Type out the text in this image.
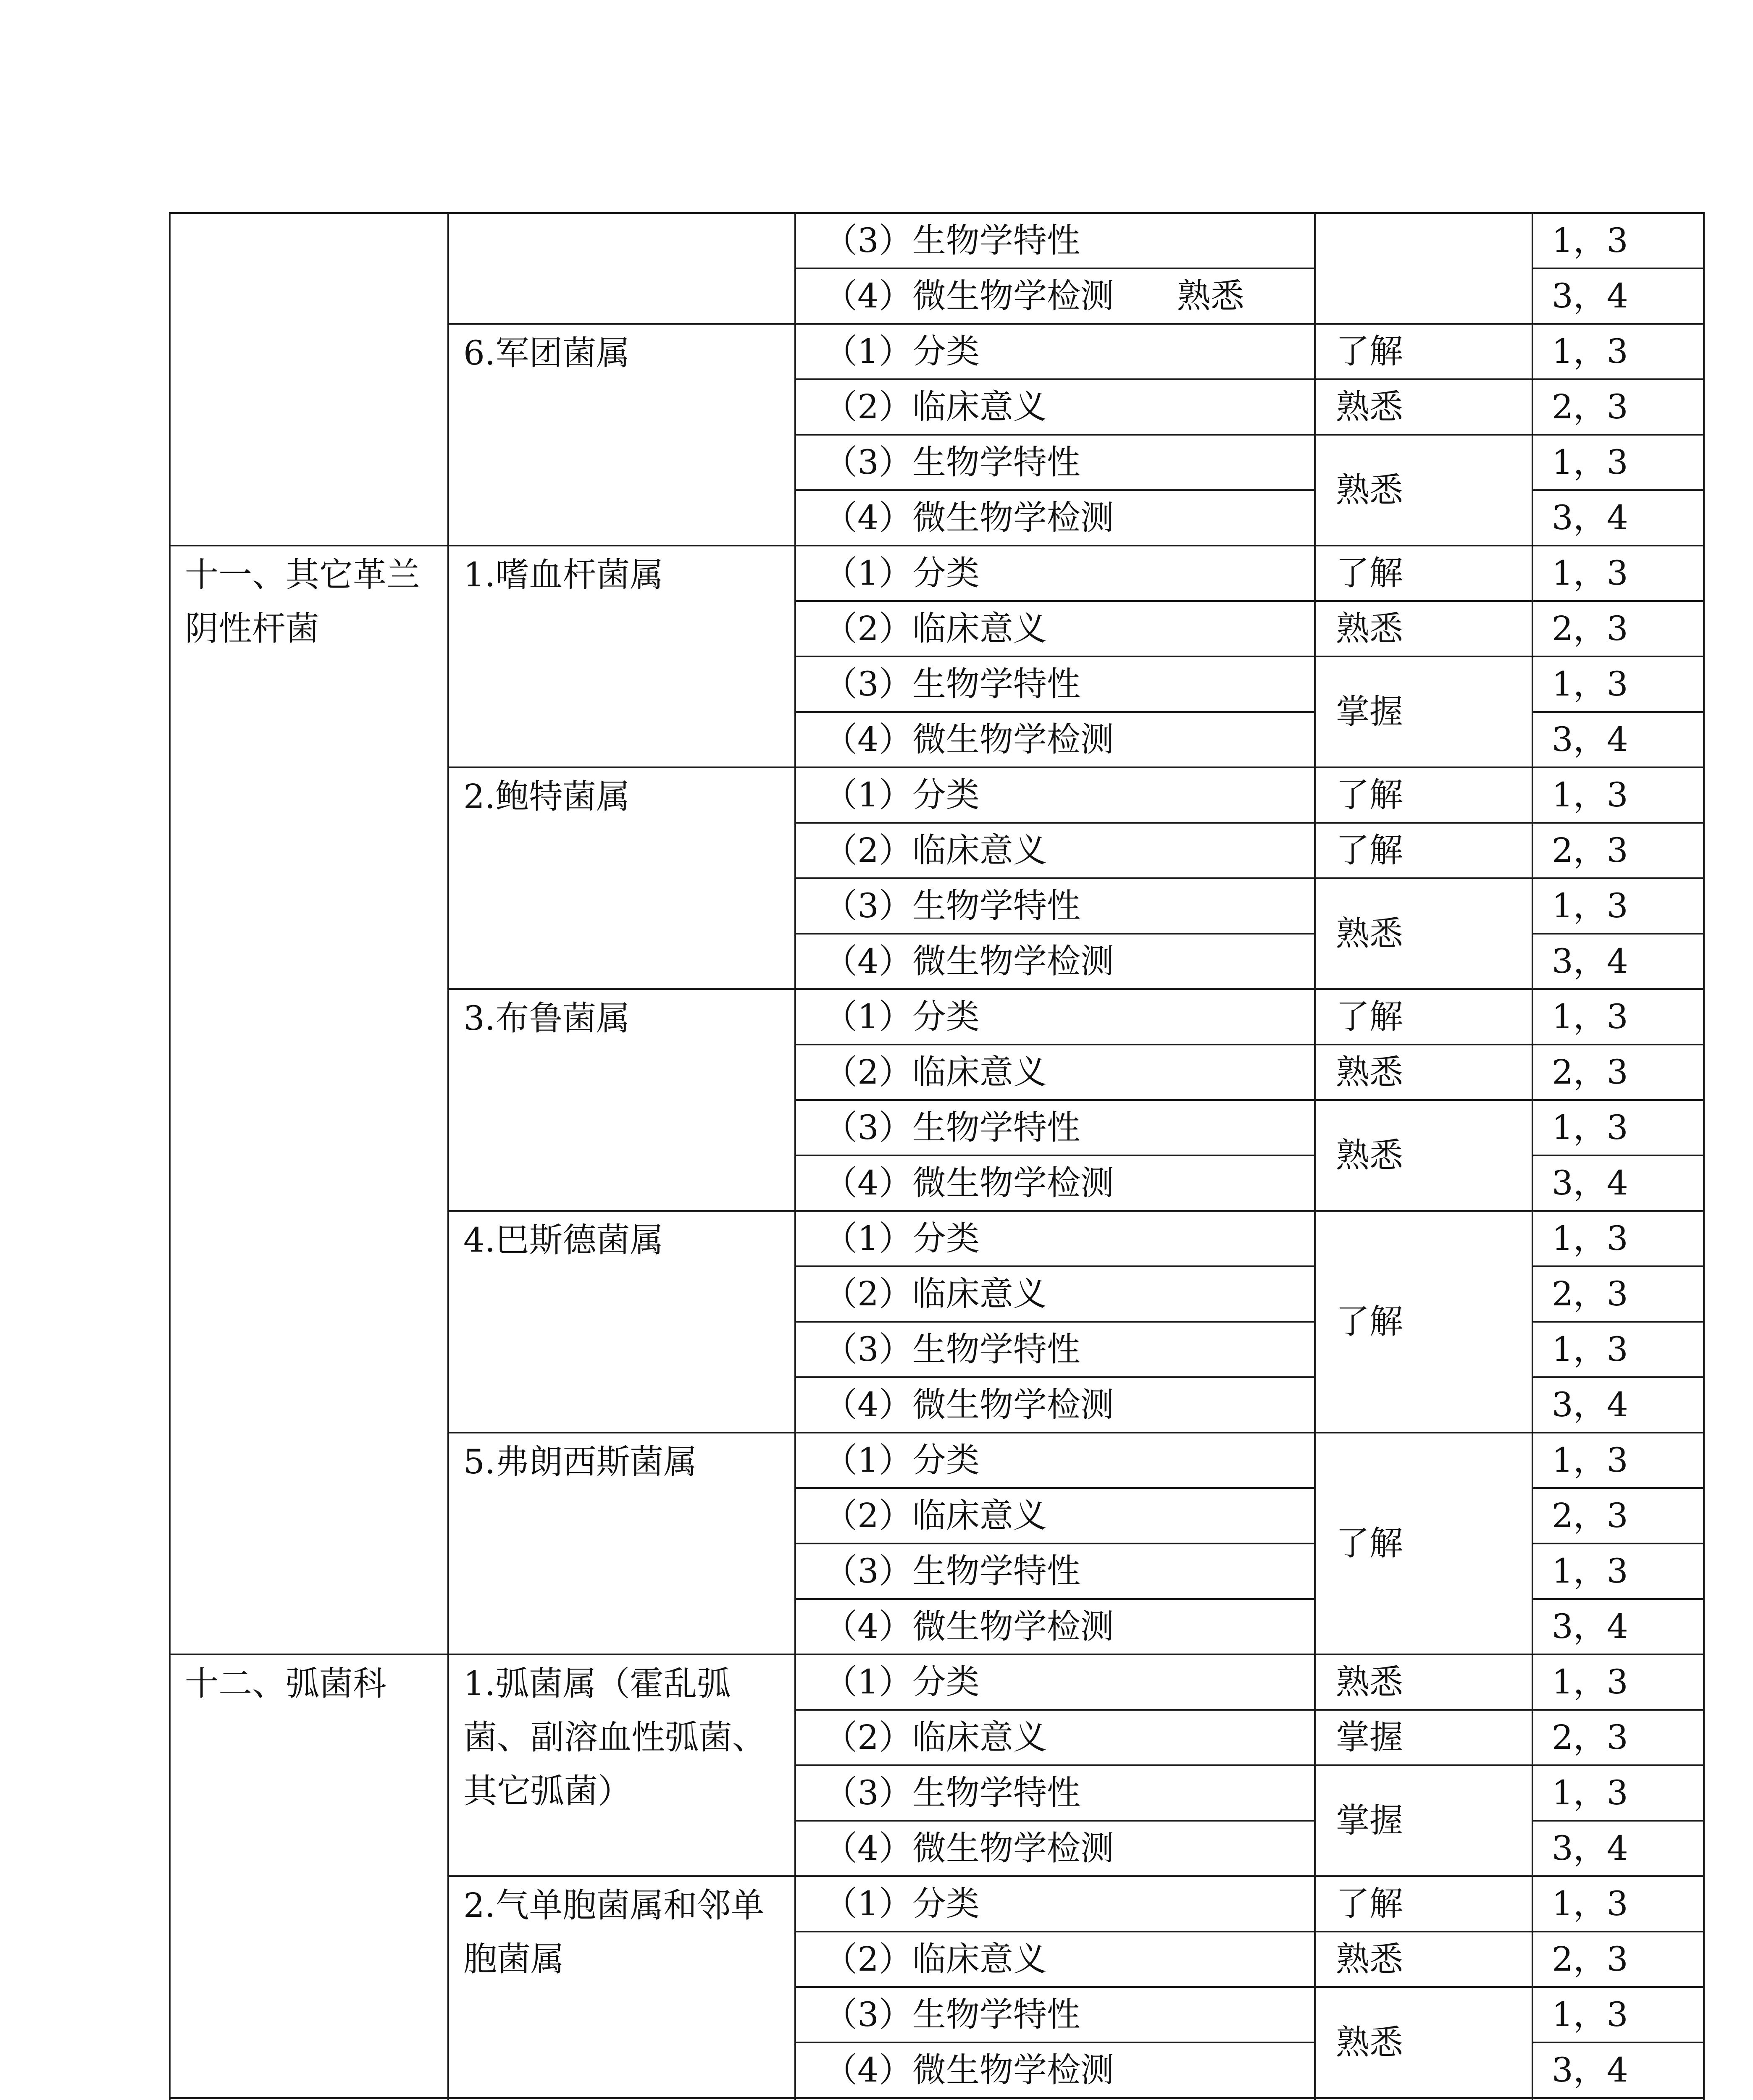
		（3）生物学特性		1，3
		（4）微生物学检测 熟悉		3，4
	6.军团菌属	（1）分类	了解	1，3
		（2）临床意义	熟悉	2，3
		（3）生物学特性	熟悉	1，3
		（4）微生物学检测		3，4
十一、其它革兰阴性杆菌	1.嗜血杆菌属	（1）分类	了解	1，3
		（2）临床意义	熟悉	2，3
		（3）生物学特性	掌握	1，3
		（4）微生物学检测		3，4
	2.鲍特菌属	（1）分类	了解	1，3
		（2）临床意义	了解	2，3
		（3）生物学特性	熟悉	1，3
		（4）微生物学检测		3，4
	3.布鲁菌属	（1）分类	了解	1，3
		（2）临床意义	熟悉	2，3
		（3）生物学特性	熟悉	1，3
		（4）微生物学检测		3，4
	4.巴斯德菌属	（1）分类	了解	1，3
		（2）临床意义		2，3
		（3）生物学特性		1，3
		（4）微生物学检测		3，4
	5.弗朗西斯菌属	（1）分类	了解	1，3
		（2）临床意义		2，3
		（3）生物学特性		1，3
		（4）微生物学检测		3，4
十二、弧菌科	1.弧菌属（霍乱弧菌、副溶血性弧菌、其它弧菌）	（1）分类	熟悉	1，3
		（2）临床意义	掌握	2，3
		（3）生物学特性	掌握	1，3
		（4）微生物学检测		3，4
	2.气单胞菌属和邻单胞菌属	（1）分类	了解	1，3
		（2）临床意义	熟悉	2，3
		（3）生物学特性	熟悉	1，3
		（4）微生物学检测		3，4
